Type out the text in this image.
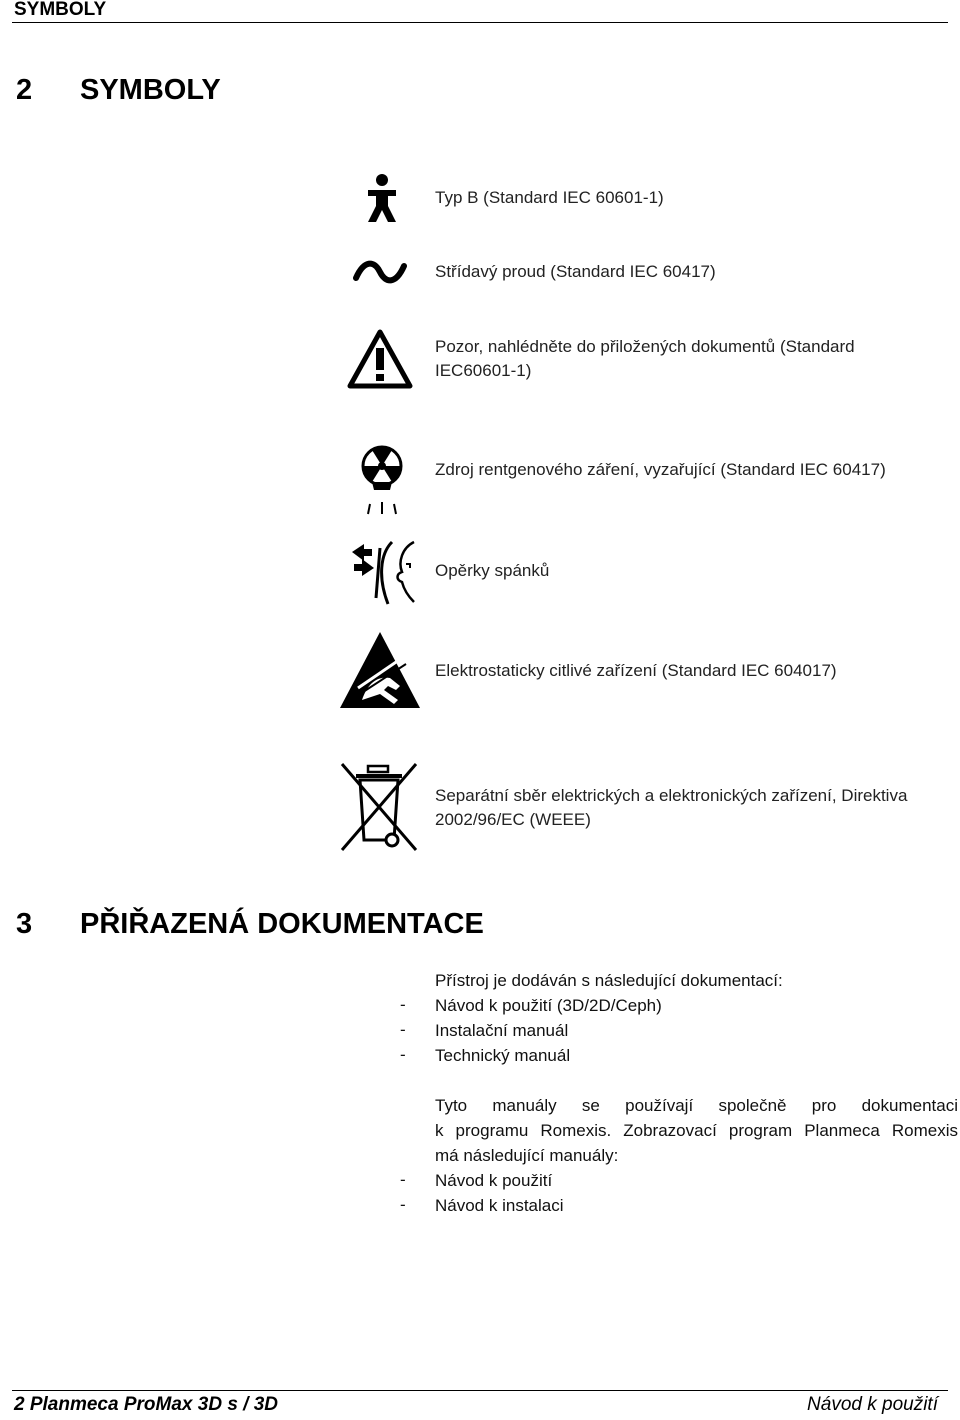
SYMBOLY
2 SYMBOLY
Typ B (Standard IEC 60601-1)
Střídavý proud (Standard IEC 60417)
Pozor, nahlédněte do přiložených dokumentů (Standard
IEC60601-1)
Zdroj rentgenového záření, vyzařující (Standard IEC 60417)
Opěrky spánků
Elektrostaticky citlivé zařízení (Standard IEC 604017)
Separátní sběr elektrických a elektronických zařízení, Direktiva
2002/96/EC (WEEE)
3 PŘIŘAZENÁ DOKUMENTACE
Přístroj je dodáván s následující dokumentací:
- Návod k použití (3D/2D/Ceph)
- Instalační manuál
- Technický manuál
Tyto manuály se používají společně pro dokumentaci
k programu Romexis. Zobrazovací program Planmeca Romexis
má následující manuály:
- Návod k použití
- Návod k instalaci
2 Planmeca ProMax 3D s / 3D	Návod k použití
